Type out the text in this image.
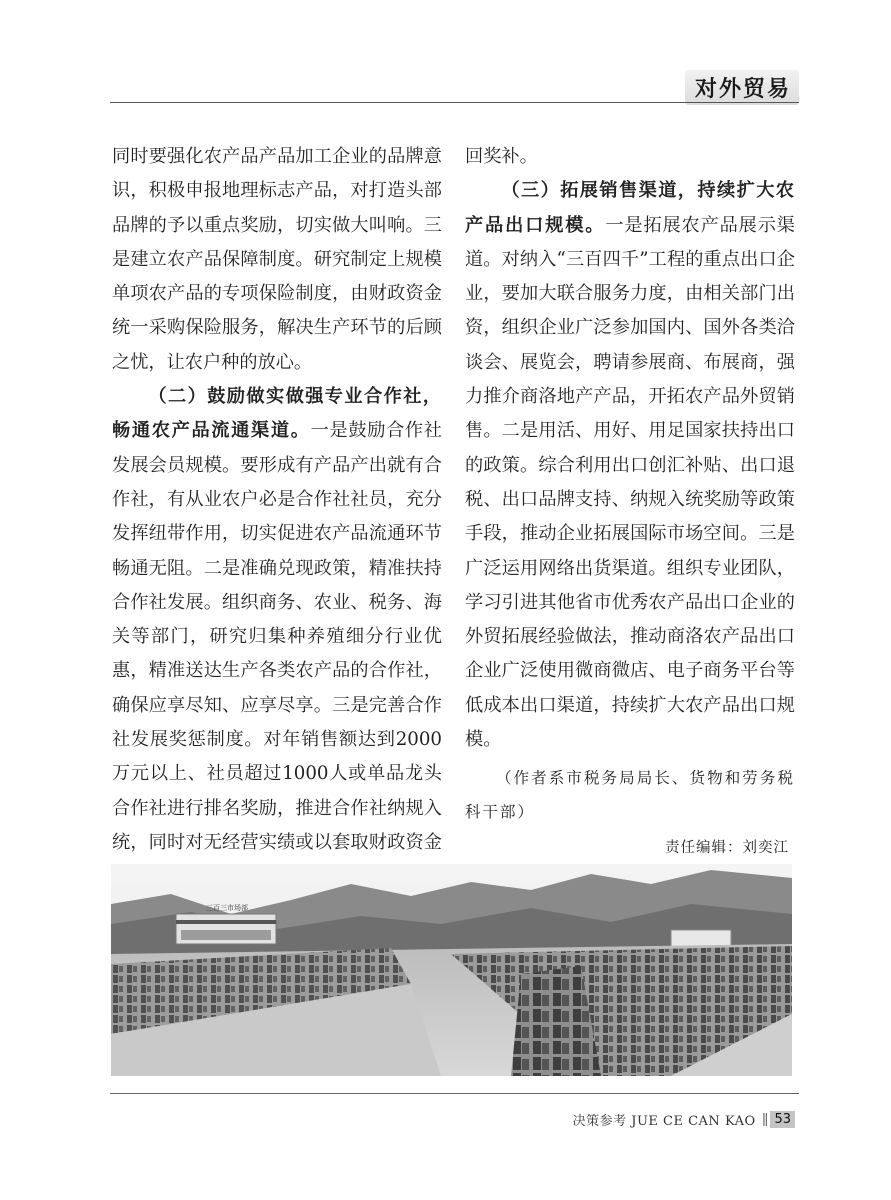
对外贸易

同时要强化农产品产品加工企业的品牌意识，积极申报地理标志产品，对打造头部品牌的予以重点奖励，切实做大叫响。三是建立农产品保障制度。研究制定上规模单项农产品的专项保险制度，由财政资金统一采购保险服务，解决生产环节的后顾之忧，让农户种的放心。

（二）鼓励做实做强专业合作社，畅通农产品流通渠道。一是鼓励合作社发展会员规模。要形成有产品产出就有合作社，有从业农户必是合作社社员，充分发挥纽带作用，切实促进农产品流通环节畅通无阻。二是准确兑现政策，精准扶持合作社发展。组织商务、农业、税务、海关等部门，研究归集种养殖细分行业优惠，精准送达生产各类农产品的合作社，确保应享尽知、应享尽享。三是完善合作社发展奖惩制度。对年销售额达到2000万元以上、社员超过1000人或单品龙头合作社进行排名奖励，推进合作社纳规入统，同时对无经营实绩或以套取财政资金

回奖补。

（三）拓展销售渠道，持续扩大农产品出口规模。一是拓展农产品展示渠道。对纳入“三百四千”工程的重点出口企业，要加大联合服务力度，由相关部门出资，组织企业广泛参加国内、国外各类洽谈会、展览会，聘请参展商、布展商，强力推介商洛地产产品，开拓农产品外贸销售。二是用活、用好、用足国家扶持出口的政策。综合利用出口创汇补贴、出口退税、出口品牌支持、纳规入统奖励等政策手段，推动企业拓展国际市场空间。三是广泛运用网络出货渠道。组织专业团队，学习引进其他省市优秀农产品出口企业的外贸拓展经验做法，推动商洛农产品出口企业广泛使用微商微店、电子商务平台等低成本出口渠道，持续扩大农产品出口规模。

（作者系市税务局局长、货物和劳务税科干部）

责任编辑：刘奕江

三百三市场部
决策参考 JUE CE CAN KAO || 53
